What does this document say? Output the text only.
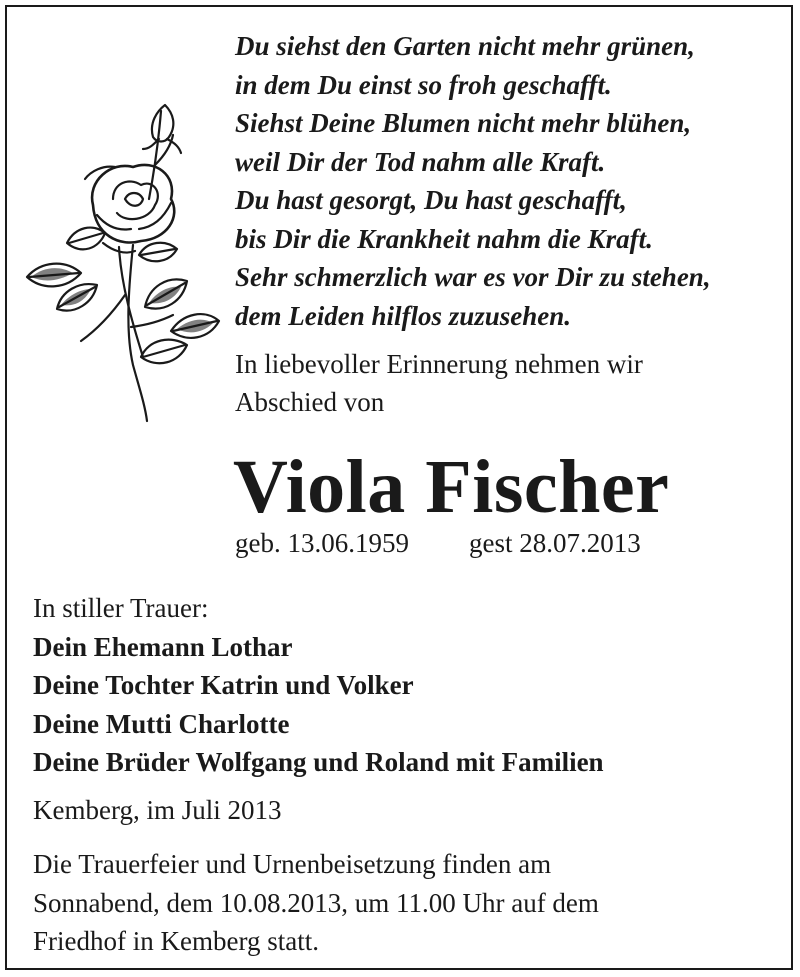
Du siehst den Garten nicht mehr grünen,
in dem Du einst so froh geschafft.
Siehst Deine Blumen nicht mehr blühen,
weil Dir der Tod nahm alle Kraft.
Du hast gesorgt, Du hast geschafft,
bis Dir die Krankheit nahm die Kraft.
Sehr schmerzlich war es vor Dir zu stehen,
dem Leiden hilflos zuzusehen.
In liebevoller Erinnerung nehmen wir
Abschied von
Viola Fischer
geb. 13.06.1959 gest 28.07.2013
In stiller Trauer:
Dein Ehemann Lothar
Deine Tochter Katrin und Volker
Deine Mutti Charlotte
Deine Brüder Wolfgang und Roland mit Familien
Kemberg, im Juli 2013
Die Trauerfeier und Urnenbeisetzung finden am
Sonnabend, dem 10.08.2013, um 11.00 Uhr auf dem
Friedhof in Kemberg statt.
